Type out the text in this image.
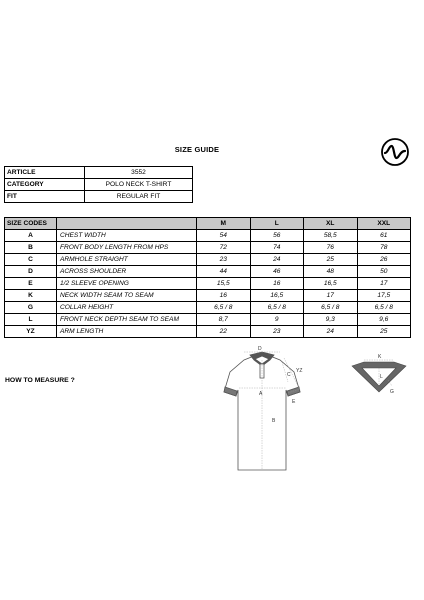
SIZE GUIDE
ARTICLE	3552
CATEGORY	POLO NECK T-SHIRT
FIT	REGULAR FIT
SIZE CODES		M	L	XL	XXL
A	CHEST WIDTH	54	56	58,5	61
B	FRONT BODY LENGTH FROM HPS	72	74	76	78
C	ARMHOLE STRAIGHT	23	24	25	26
D	ACROSS SHOULDER	44	46	48	50
E	1/2 SLEEVE OPENING	15,5	16	16,5	17
K	NECK WIDTH SEAM TO SEAM	16	16,5	17	17,5
G	COLLAR HEIGHT	6,5 / 8	6,5 / 8	6,5 / 8	6,5 / 8
L	FRONT NECK DEPTH SEAM TO SEAM	8,7	9	9,3	9,6
YZ	ARM LENGTH	22	23	24	25
HOW TO MEASURE ?
D
C
YZ
A
B
E
K
L
G
